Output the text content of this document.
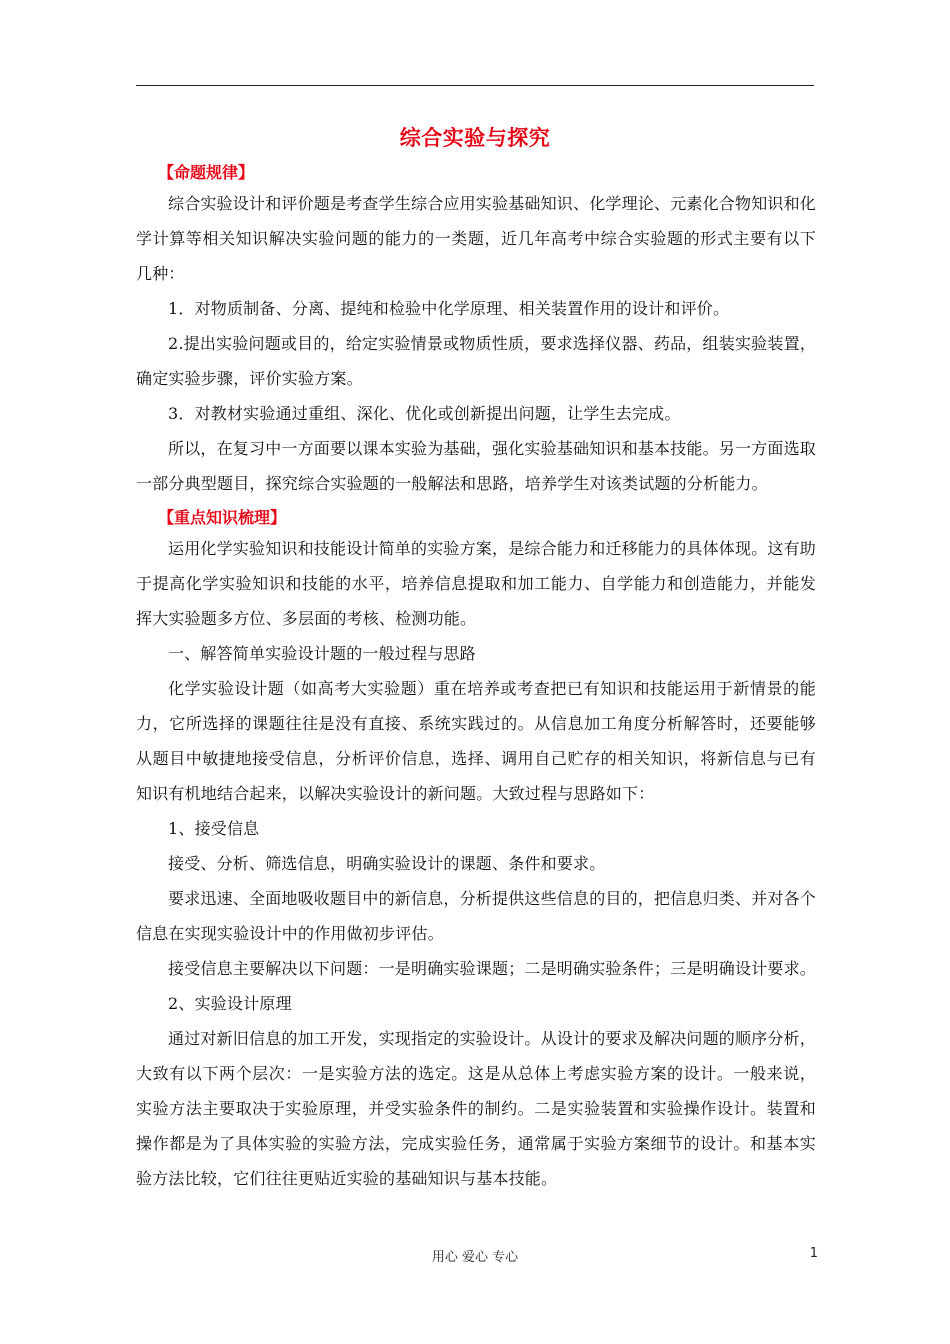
综合实验与探究

【命题规律】

综合实验设计和评价题是考查学生综合应用实验基础知识、化学理论、元素化合物知识和化学计算等相关知识解决实验问题的能力的一类题，近几年高考中综合实验题的形式主要有以下几种：

1．对物质制备、分离、提纯和检验中化学原理、相关装置作用的设计和评价。

2.提出实验问题或目的，给定实验情景或物质性质，要求选择仪器、药品，组装实验装置，确定实验步骤，评价实验方案。

3．对教材实验通过重组、深化、优化或创新提出问题，让学生去完成。

所以，在复习中一方面要以课本实验为基础，强化实验基础知识和基本技能。另一方面选取一部分典型题目，探究综合实验题的一般解法和思路，培养学生对该类试题的分析能力。

【重点知识梳理】

运用化学实验知识和技能设计简单的实验方案，是综合能力和迁移能力的具体体现。这有助于提高化学实验知识和技能的水平，培养信息提取和加工能力、自学能力和创造能力，并能发挥大实验题多方位、多层面的考核、检测功能。

一、解答简单实验设计题的一般过程与思路

化学实验设计题（如高考大实验题）重在培养或考查把已有知识和技能运用于新情景的能力，它所选择的课题往往是没有直接、系统实践过的。从信息加工角度分析解答时，还要能够从题目中敏捷地接受信息，分析评价信息，选择、调用自己贮存的相关知识，将新信息与已有知识有机地结合起来，以解决实验设计的新问题。大致过程与思路如下：

1、接受信息

接受、分析、筛选信息，明确实验设计的课题、条件和要求。

要求迅速、全面地吸收题目中的新信息，分析提供这些信息的目的，把信息归类、并对各个信息在实现实验设计中的作用做初步评估。

接受信息主要解决以下问题：一是明确实验课题；二是明确实验条件；三是明确设计要求。

2、实验设计原理

通过对新旧信息的加工开发，实现指定的实验设计。从设计的要求及解决问题的顺序分析，大致有以下两个层次：一是实验方法的选定。这是从总体上考虑实验方案的设计。一般来说，实验方法主要取决于实验原理，并受实验条件的制约。二是实验装置和实验操作设计。装置和操作都是为了具体实验的实验方法，完成实验任务，通常属于实验方案细节的设计。和基本实验方法比较，它们往往更贴近实验的基础知识与基本技能。

用心 爱心 专心	1
